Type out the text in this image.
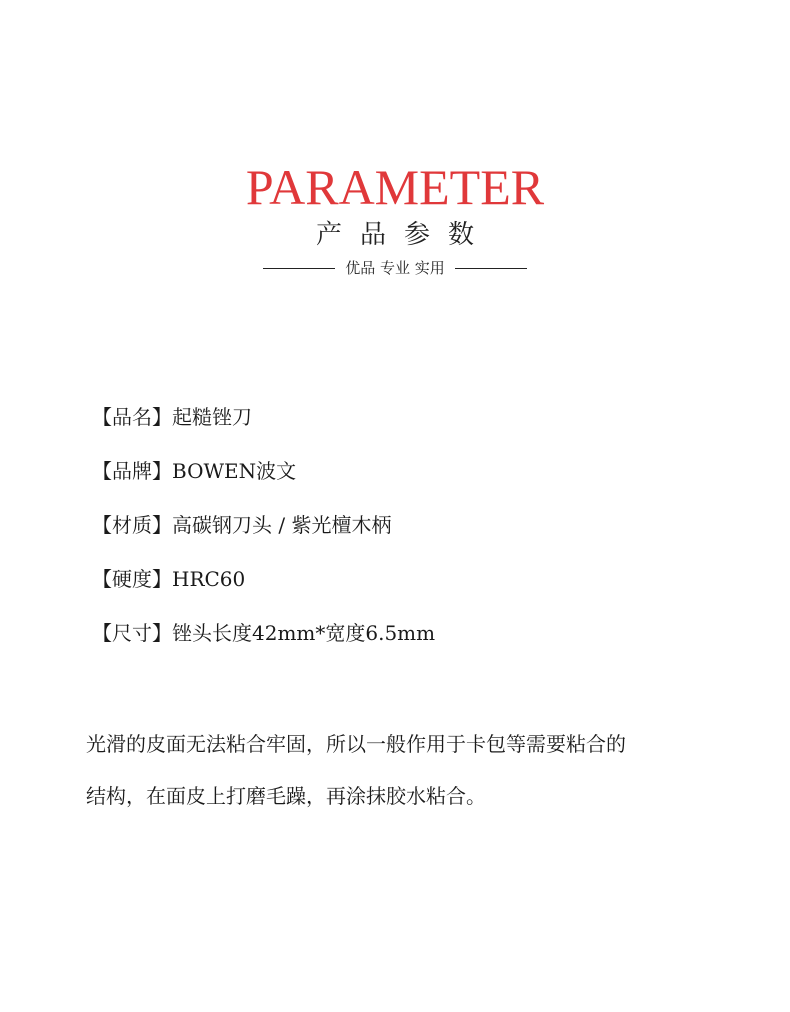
PARAMETER
产品参数
优品 专业 实用
【品名】起糙锉刀
【品牌】BOWEN波文
【材质】高碳钢刀头 / 紫光檀木柄
【硬度】HRC60
【尺寸】锉头长度42mm*宽度6.5mm
光滑的皮面无法粘合牢固，所以一般作用于卡包等需要粘合的
结构，在面皮上打磨毛躁，再涂抹胶水粘合。
